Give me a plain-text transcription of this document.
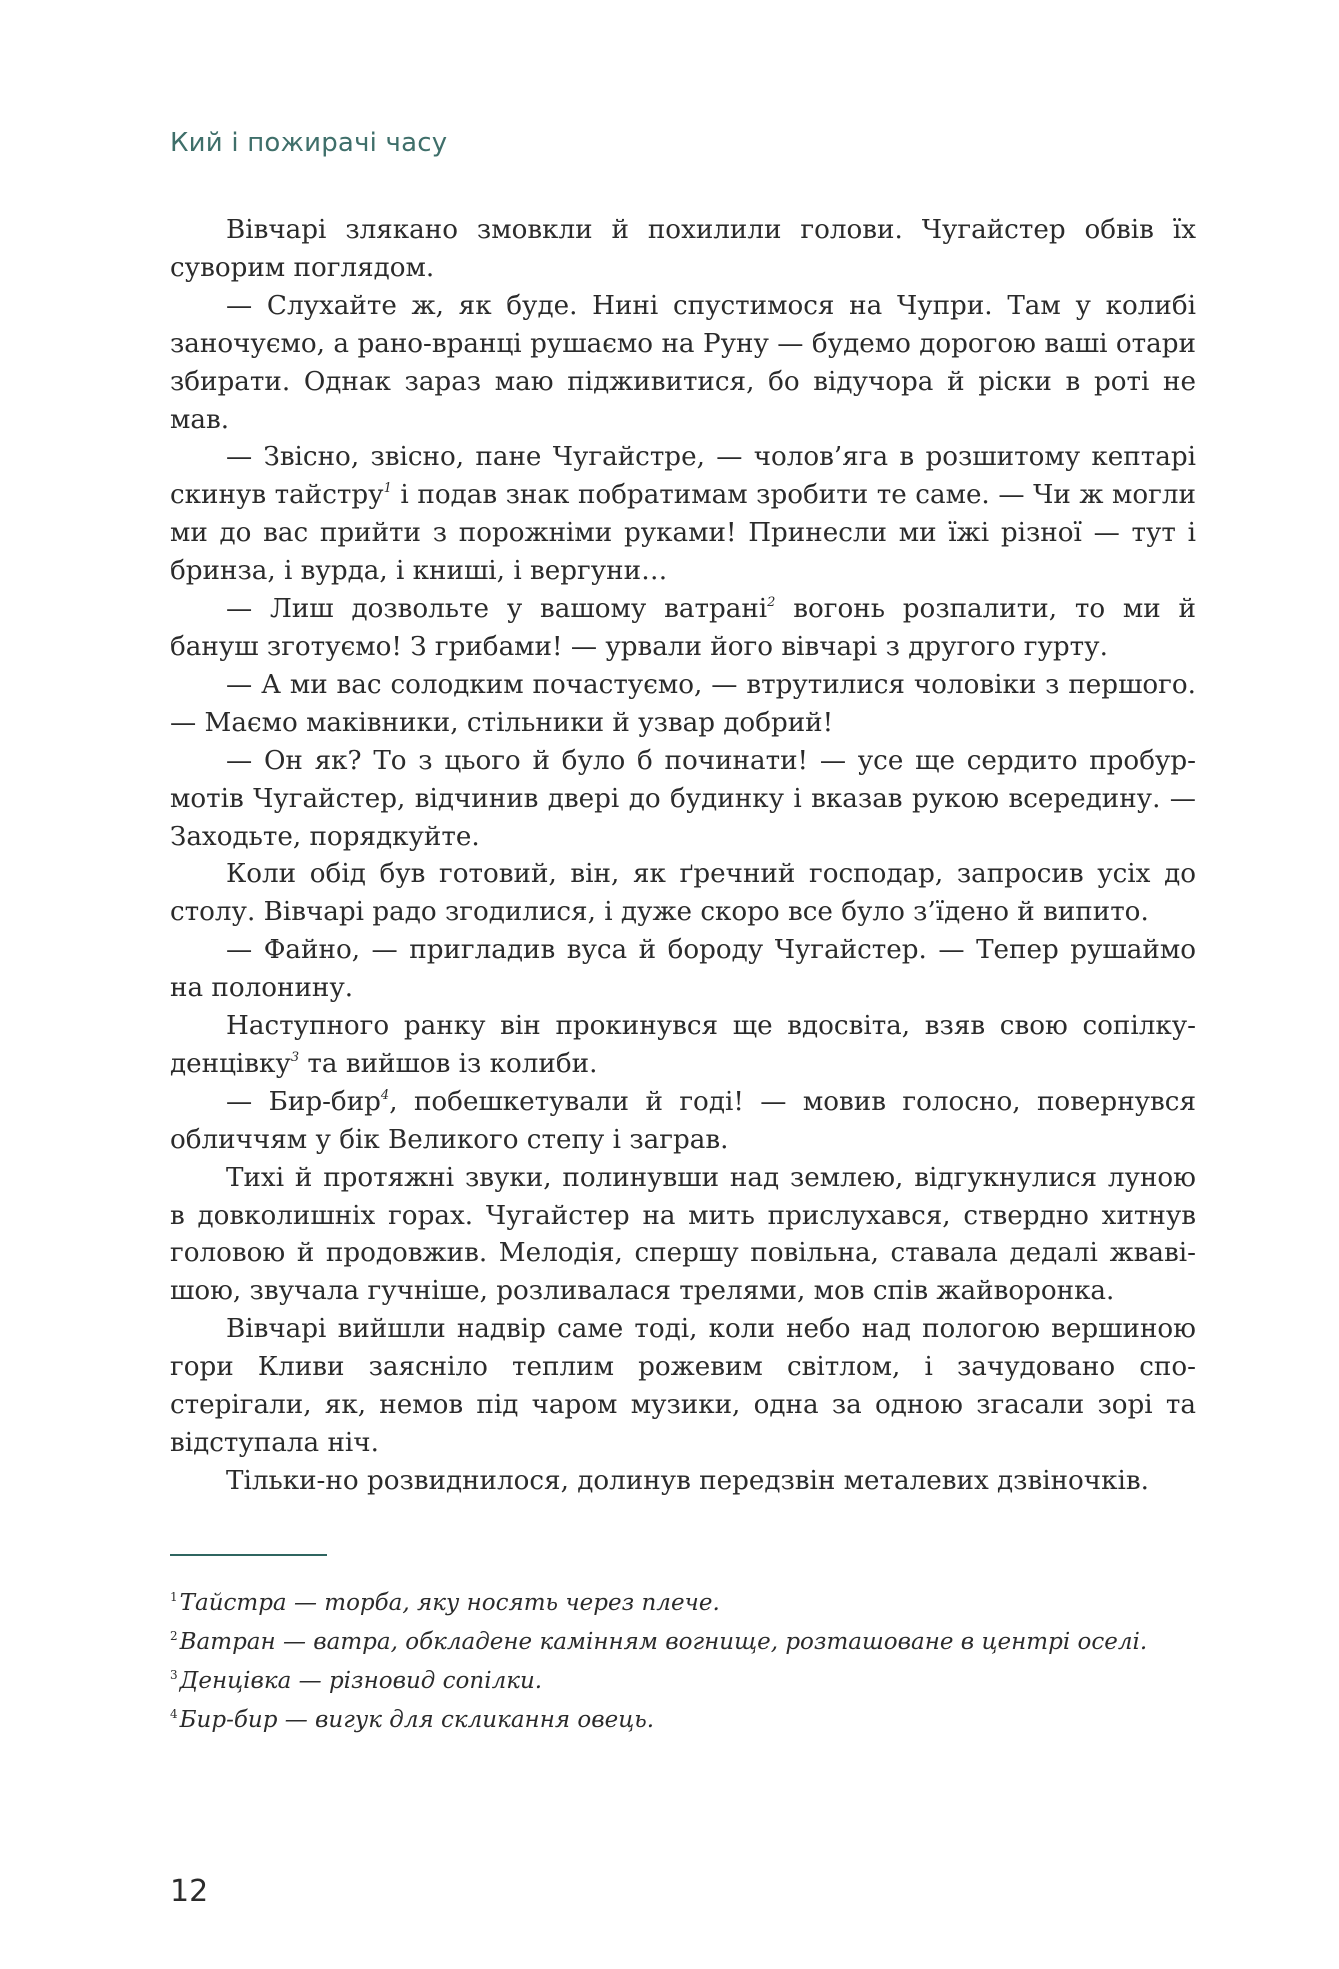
Кий і пожирачі часу

Вівчарі злякано змовкли й похилили голови. Чугайстер обвів їх суворим поглядом.

— Слухайте ж, як буде. Нині спустимося на Чупри. Там у колибі заночуємо, а рано-вранці рушаємо на Руну — будемо дорогою ваші отари збирати. Однак зараз маю підживитися, бо відучора й ріски в роті не мав.

— Звісно, звісно, пане Чугайстре, — чолов’яга в розшитому кептарі скинув тайстру$^1$ і подав знак побратимам зробити те саме. — Чи ж могли ми до вас прийти з порожніми руками! Принесли ми їжі різної — тут і бринза, і вурда, і книші, і вергуни…

— Лиш дозвольте у вашому ватрані$^2$ вогонь розпалити, то ми й бануш зготуємо! З грибами! — урвали його вівчарі з другого гурту.

— А ми вас солодким почастуємо, — втрутилися чоловіки з першого. — Маємо маківники, стільники й узвар добрий!

— Он як? То з цього й було б починати! — усе ще сердито пробурмотів Чугайстер, відчинив двері до будинку і вказав рукою всередину. — Заходьте, порядкуйте.

Коли обід був готовий, він, як ґречний господар, запросив усіх до столу. Вівчарі радо згодилися, і дуже скоро все було з’їдено й випито.

— Файно, — пригладив вуса й бороду Чугайстер. — Тепер рушаймо на полонину.

Наступного ранку він прокинувся ще вдосвіта, взяв свою сопілку-денцівку$^3$ та вийшов із колиби.

— Бир-бир$^4$, побешкетували й годі! — мовив голосно, повернувся обличчям у бік Великого степу і заграв.

Тихі й протяжні звуки, полинувши над землею, відгукнулися луною в довколишніх горах. Чугайстер на мить прислухався, ствердно хитнув головою й продовжив. Мелодія, спершу повільна, ставала дедалі жвавішою, звучала гучніше, розливалася трелями, мов спів жайворонка.

Вівчарі вийшли надвір саме тоді, коли небо над пологою вершиною гори Кливи заясніло теплим рожевим світлом, і зачудовано спостерігали, як, немов під чаром музики, одна за одною згасали зорі та відступала ніч.

Тільки-но розвиднилося, долинув передзвін металевих дзвіночків.

$^1$Тайстра — торба, яку носять через плече.
$^2$Ватран — ватра, обкладене камінням вогнище, розташоване в центрі оселі.
$^3$Денцівка — різновид сопілки.
$^4$Бир-бир — вигук для скликання овець.
12
